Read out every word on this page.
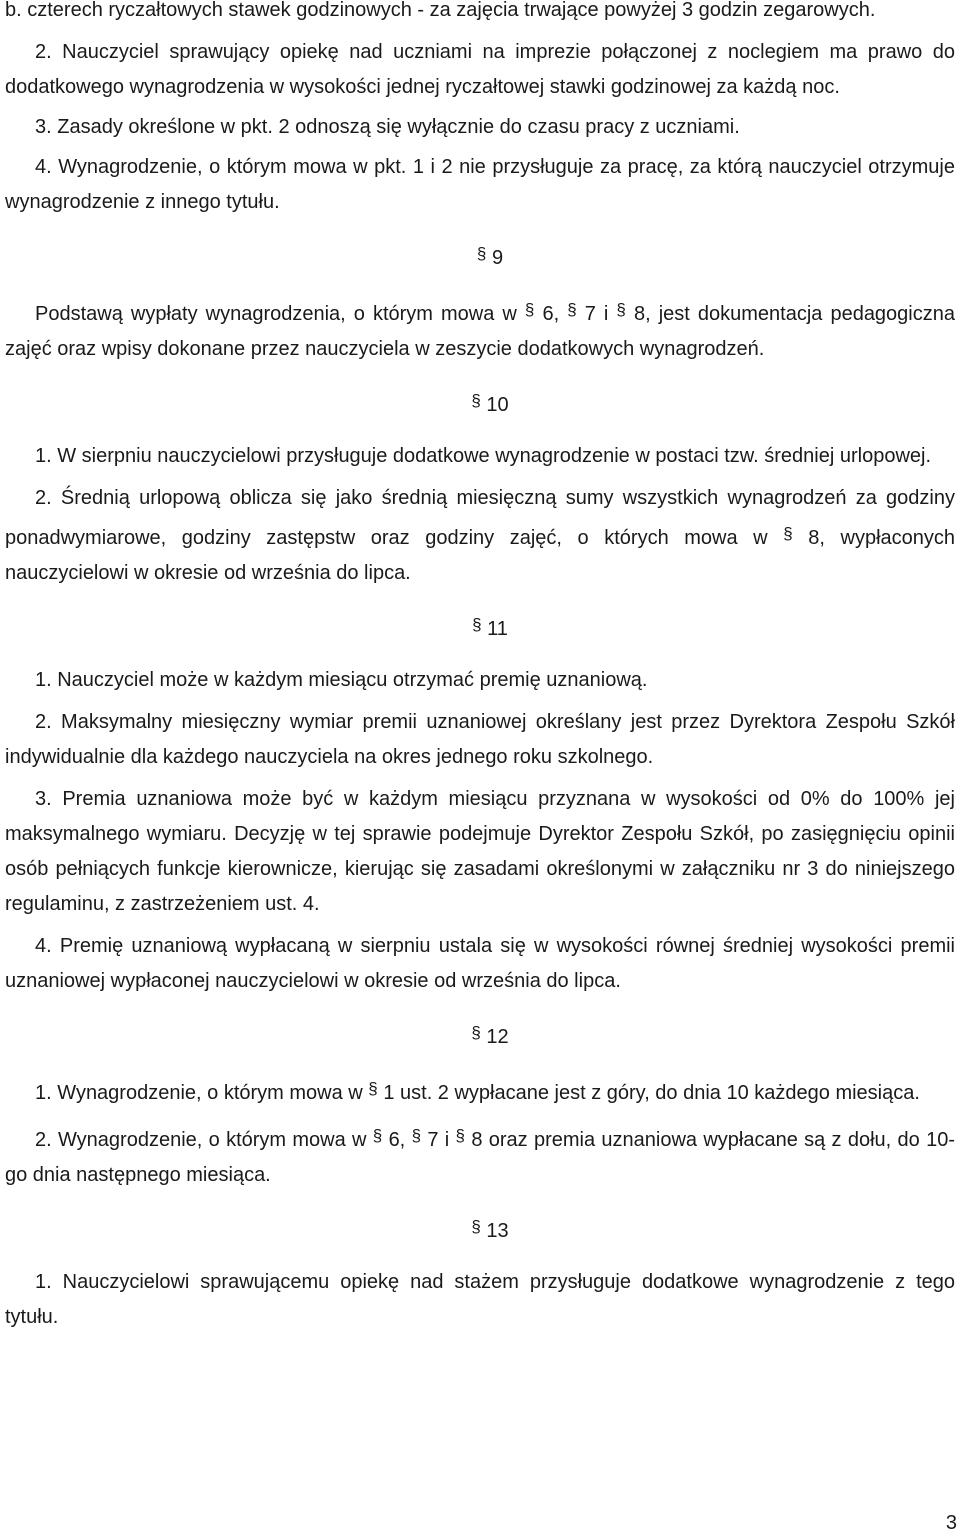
b. czterech ryczałtowych stawek godzinowych - za zajęcia trwające powyżej 3 godzin zegarowych.

2. Nauczyciel sprawujący opiekę nad uczniami na imprezie połączonej z noclegiem ma prawo do dodatkowego wynagrodzenia w wysokości jednej ryczałtowej stawki godzinowej za każdą noc.

3. Zasady określone w pkt. 2 odnoszą się wyłącznie do czasu pracy z uczniami.

4. Wynagrodzenie, o którym mowa w pkt. 1 i 2 nie przysługuje za pracę, za którą nauczyciel otrzymuje wynagrodzenie z innego tytułu.

§ 9

Podstawą wypłaty wynagrodzenia, o którym mowa w § 6, § 7 i § 8, jest dokumentacja pedagogiczna zajęć oraz wpisy dokonane przez nauczyciela w zeszycie dodatkowych wynagrodzeń.

§ 10

1. W sierpniu nauczycielowi przysługuje dodatkowe wynagrodzenie w postaci tzw. średniej urlopowej.

2. Średnią urlopową oblicza się jako średnią miesięczną sumy wszystkich wynagrodzeń za godziny ponadwymiarowe, godziny zastępstw oraz godziny zajęć, o których mowa w § 8, wypłaconych nauczycielowi w okresie od września do lipca.

§ 11

1. Nauczyciel może w każdym miesiącu otrzymać premię uznaniową.

2. Maksymalny miesięczny wymiar premii uznaniowej określany jest przez Dyrektora Zespołu Szkół indywidualnie dla każdego nauczyciela na okres jednego roku szkolnego.

3. Premia uznaniowa może być w każdym miesiącu przyznana w wysokości od 0% do 100% jej maksymalnego wymiaru. Decyzję w tej sprawie podejmuje Dyrektor Zespołu Szkół, po zasięgnięciu opinii osób pełniących funkcje kierownicze, kierując się zasadami określonymi w załączniku nr 3 do niniejszego regulaminu, z zastrzeżeniem ust. 4.

4. Premię uznaniową wypłacaną w sierpniu ustala się w wysokości równej średniej wysokości premii uznaniowej wypłaconej nauczycielowi w okresie od września do lipca.

§ 12

1. Wynagrodzenie, o którym mowa w § 1 ust. 2 wypłacane jest z góry, do dnia 10 każdego miesiąca.

2. Wynagrodzenie, o którym mowa w § 6, § 7 i § 8 oraz premia uznaniowa wypłacane są z dołu, do 10-go dnia następnego miesiąca.

§ 13

1. Nauczycielowi sprawującemu opiekę nad stażem przysługuje dodatkowe wynagrodzenie z tego tytułu.

3
